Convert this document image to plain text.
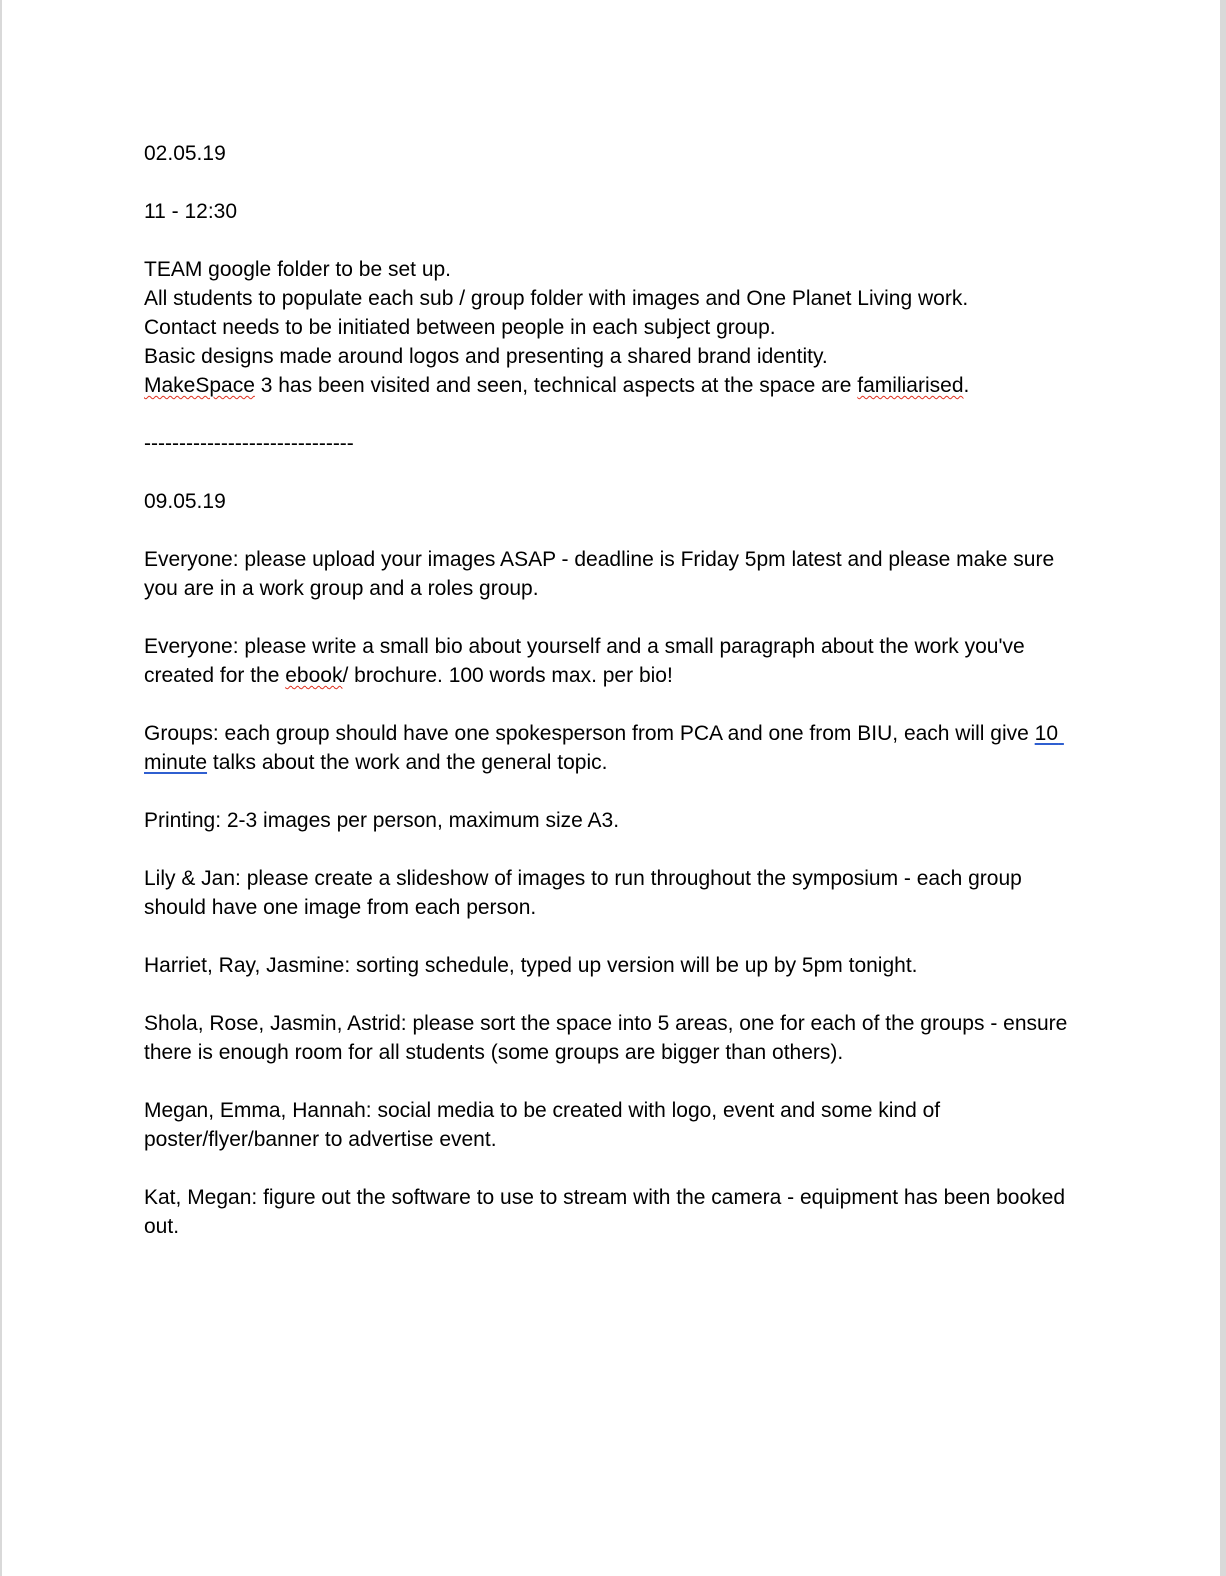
02.05.19

11 - 12:30

TEAM google folder to be set up.

All students to populate each sub / group folder with images and One Planet Living work.

Contact needs to be initiated between people in each subject group.

Basic designs made around logos and presenting a shared brand identity.

MakeSpace 3 has been visited and seen, technical aspects at the space are familiarised.

------------------------------

09.05.19

Everyone: please upload your images ASAP - deadline is Friday 5pm latest and please make sure you are in a work group and a roles group.

Everyone: please write a small bio about yourself and a small paragraph about the work you've created for the ebook/ brochure. 100 words max. per bio!

Groups: each group should have one spokesperson from PCA and one from BIU, each will give 10 minute talks about the work and the general topic.

Printing: 2-3 images per person, maximum size A3.

Lily & Jan: please create a slideshow of images to run throughout the symposium - each group should have one image from each person.

Harriet, Ray, Jasmine: sorting schedule, typed up version will be up by 5pm tonight.

Shola, Rose, Jasmin, Astrid: please sort the space into 5 areas, one for each of the groups - ensure there is enough room for all students (some groups are bigger than others).

Megan, Emma, Hannah: social media to be created with logo, event and some kind of poster/flyer/banner to advertise event.

Kat, Megan: figure out the software to use to stream with the camera - equipment has been booked out.
